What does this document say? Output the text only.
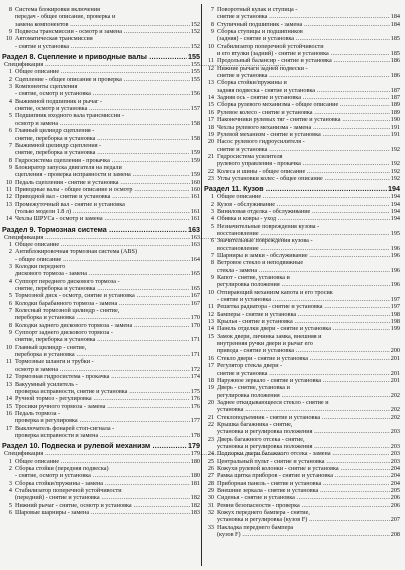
8 Система блокировки включения
передач - общее описание, проверка и
замена компонентов .....	152
9 Подвесы трансмиссии - осмотр и замена .....	152
10 Автоматическая трансмиссия
- снятие и установка .....	152
Раздел 8. Сцепление и приводные валы .....	155
Спецификация .....	155
1 Общее описание .....	155
2 Сцепление - общее описание и проверка .....	155
3 Компоненты сцепления
- снятие, осмотр и установка .....	156
4 Выжимной подшипник и рычаг -
снятие, осмотр и установка .....	157
5 Подшипник входного вала трансмиссии -
осмотр и замена .....	158
6 Главный цилиндр сцепления -
снятие, переборка и установка .....	158
7 Выжимной цилиндр сцепления -
снятие, переборка и установка .....	159
8 Гидросистема сцепления - прокачка .....	159
9 Блокиратор запуска двигателя на педали
сцепления - проверка исправности и замена .....	159
10 Педаль сцепления - снятие и установка .....	160
11 Приводные валы - общее описание и осмотр .....	160
12 Приводной вал - снятие и установка .....	161
13 Промежуточный вал - снятие и установка
(только модели 1.8 л) .....	161
14 Чехлы ШРУСа - осмотр и замена .....	161
Раздел 9. Тормозная система .....	163
Спецификация .....	163
1 Общее описание .....	163
2 Антиблокировочная тормозная система (ABS)
- общее описание .....	164
3 Колодки переднего
дискового тормоза - замена .....	165
4 Суппорт переднего дискового тормоза -
снятие, переборка и установка .....	165
5 Тормозной диск - осмотр, снятие и установка .....	167
6 Колодки барабанного тормоза - замена .....	167
7 Колесный тормозной цилиндр - снятие,
переборка и установка .....	170
8 Колодки заднего дискового тормоза - замена .....	170
9 Суппорт заднего дискового тормоза -
снятие, переборка и установка .....	171
10 Главный цилиндр - снятие,
переборка и установка .....	171
11 Тормозные шланги и трубки -
осмотр и замена .....	172
12 Тормозная гидросистема - прокачка .....	174
13 Вакуумный усилитель -
проверка исправности, снятие и установка .....	175
14 Ручной тормоз - регулировка .....	176
15 Тросики ручного тормоза - замена .....	176
16 Педаль тормоза -
проверка и регулировка .....	177
17 Выключатель фонарей стоп-сигнала -
проверка исправности и замена .....	178
Раздел 10. Подвеска и рулевой механизм .....	179
Спецификация .....	179
1 Общее описание .....	180
2 Сборка стойки (передняя подвеска)
- снятие, осмотр и установка .....	180
3 Сборка стойки/пружины - замена .....	181
4 Стабилизатор поперечной устойчивости
(передний) - снятие и установка .....	182
5 Нижний рычаг - снятие, осмотр и установка .....	182
6 Шаровые шарниры - замена .....	183
7 Поворотный кулак и ступица -
снятие и установка .....	184
8 Ступичный подшипник - замена .....	184
9 Сборка ступицы и подшипников
(задняя) - снятие и установка .....	185
10 Стабилизатор поперечной устойчивости
и его втулки (задний) - снятие и установка .....	185
11 Продольный балансир - снятие и установка .....	186
12 Нижние рычаги задней подвески -
снятие и установка .....	186
13 Сборка стойки/пружины и
задняя подвеска - снятие и установка .....	187
14 Задняя ось - снятие и установка .....	187
15 Сборка рулевого механизма - общее описание .....	189
16 Рулевое колесо - снятие и установка .....	189
17 Наконечники рулевых тяг - снятие и установка .....	190
18 Чехлы рулевого механизма - замена .....	191
19 Рулевой механизм - снятие и установка .....	191
20 Насос рулевого гидроусилителя -
снятие и установка .....	192
21 Гидросистема усилителя
рулевого управления - прокачка .....	192
22 Колеса и шины - общее описание .....	192
23 Углы установки колес - общее описание .....	192
Раздел 11. Кузов .....	194
1 Общее описание .....	194
2 Кузов - обслуживание .....	194
3 Виниловая отделка - обслуживание .....	194
4 Обивка и ковры - уход .....	194
5 Незначительные повреждения кузова -
восстановление .....	195
6 Значительные повреждения кузова -
восстановление .....	196
7 Шарниры и замки - обслуживание .....	196
8 Ветровое стекло и неподвижные
стекла - замена .....	196
9 Капот - снятие, установка и
регулировка положения .....	196
10 Отпирающий механизм капота и его тросик
- снятие и установка .....	197
11 Решетка радиатора - снятие и установка .....	197
12 Бамперы - снятие и установка .....	198
13 Крылья - снятие и установка .....	198
14 Панель отделки двери - снятие и установка .....	199
15 Замок двери, личинка замка, внешняя и
внутренняя ручки двери и рычаг его
привода - снятие и установка .....	200
16 Стекло двери - снятие и установка .....	201
17 Регулятор стекла двери -
снятие и установка .....	201
18 Наружное зеркало - снятие и установка .....	201
19 Дверь - снятие, установка и
регулировка положения .....	202
20 Заднее откидывающееся стекло - снятие и
установка .....	202
21 Стеклоподъемник - снятие и установка .....	202
22 Крышка багажника - снятие,
установка и регулировка положения .....	203
23 Дверь багажного отсека - снятие,
установка и регулировка положения .....	203
24 Подпорки двери багажного отсека - замена .....	203
25 Центральный пульт - снятие и установка .....	203
26 Кожухи рулевой колонки - снятие и установка .....	204
27 Рамка щитка приборов - снятие и установка .....	204
28 Приборная панель - снятие и установка .....	204
29 Внешние зеркала - снятие и установка .....	205
30 Сиденья - снятие и установка .....	206
31 Ремни безопасности - проверка .....	206
32 Кожух переднего бампера - снятие,
установка и регулировка (кузов F) .....	207
33 Накладка переднего бампера
(кузов F) .....	208
